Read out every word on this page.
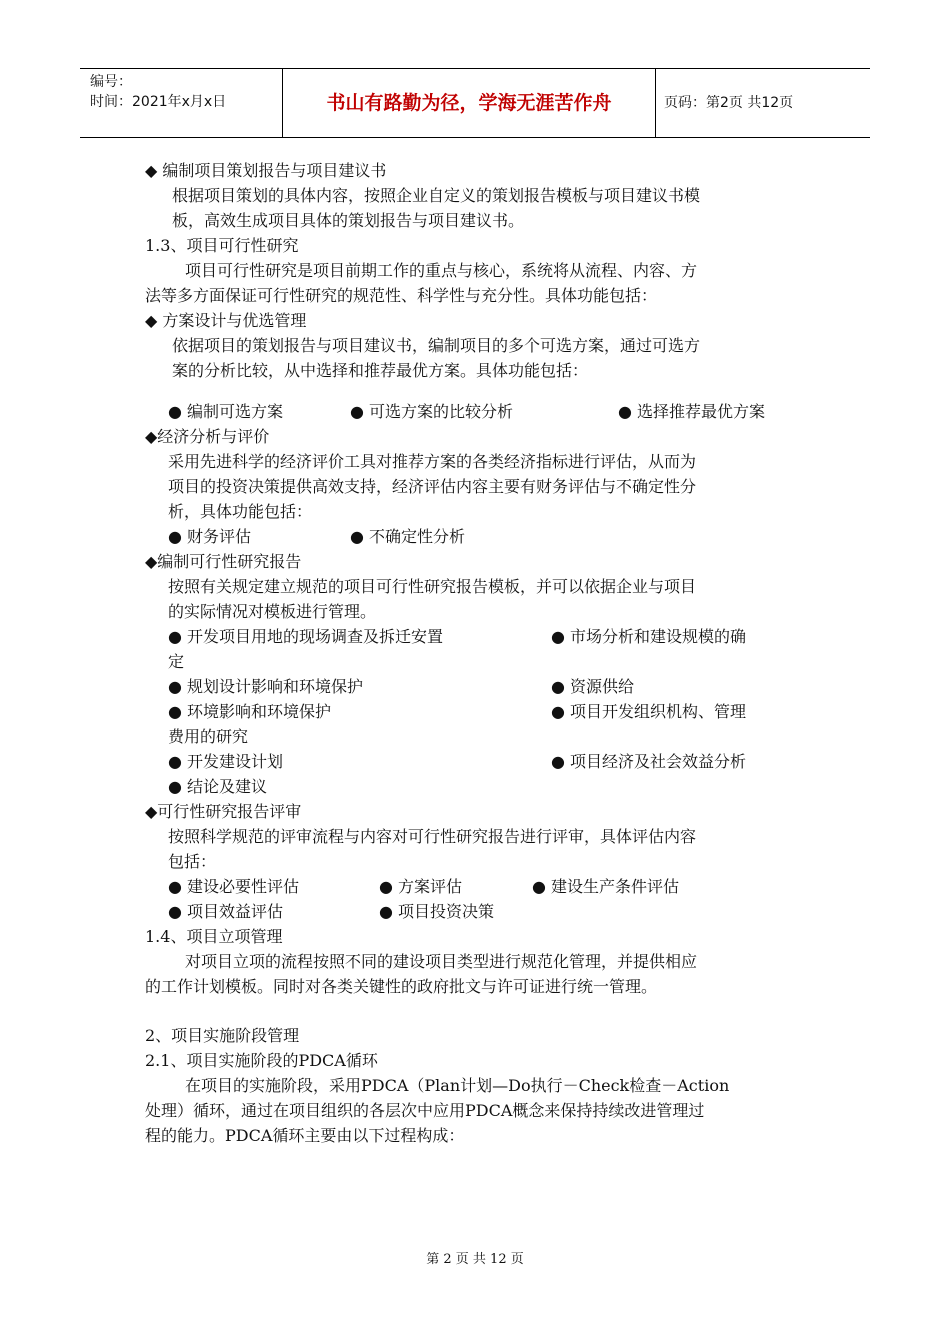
编号：
时间：2021年x月x日	书山有路勤为径，学海无涯苦作舟	页码：第2页 共12页
◆ 编制项目策划报告与项目建议书
根据项目策划的具体内容，按照企业自定义的策划报告模板与项目建议书模
板，高效生成项目具体的策划报告与项目建议书。
1.3、项目可行性研究
项目可行性研究是项目前期工作的重点与核心，系统将从流程、内容、方
法等多方面保证可行性研究的规范性、科学性与充分性。具体功能包括：
◆ 方案设计与优选管理
依据项目的策划报告与项目建议书，编制项目的多个可选方案，通过可选方
案的分析比较，从中选择和推荐最优方案。具体功能包括：
● 编制可选方案	● 可选方案的比较分析	● 选择推荐最优方案
◆经济分析与评价
采用先进科学的经济评价工具对推荐方案的各类经济指标进行评估，从而为
项目的投资决策提供高效支持，经济评估内容主要有财务评估与不确定性分
析，具体功能包括：
● 财务评估	● 不确定性分析
◆编制可行性研究报告
按照有关规定建立规范的项目可行性研究报告模板，并可以依据企业与项目
的实际情况对模板进行管理。
● 开发项目用地的现场调查及拆迁安置	● 市场分析和建设规模的确
定
● 规划设计影响和环境保护	● 资源供给
● 环境影响和环境保护	● 项目开发组织机构、管理
费用的研究
● 开发建设计划	● 项目经济及社会效益分析
● 结论及建议
◆可行性研究报告评审
按照科学规范的评审流程与内容对可行性研究报告进行评审，具体评估内容
包括：
● 建设必要性评估	● 方案评估	● 建设生产条件评估
● 项目效益评估	● 项目投资决策
1.4、项目立项管理
对项目立项的流程按照不同的建设项目类型进行规范化管理，并提供相应
的工作计划模板。同时对各类关键性的政府批文与许可证进行统一管理。
2、项目实施阶段管理
2.1、项目实施阶段的PDCA循环
在项目的实施阶段，采用PDCA（Plan计划—Do执行－Check检查－Action
处理）循环，通过在项目组织的各层次中应用PDCA概念来保持持续改进管理过
程的能力。PDCA循环主要由以下过程构成：
第 2 页 共 12 页
